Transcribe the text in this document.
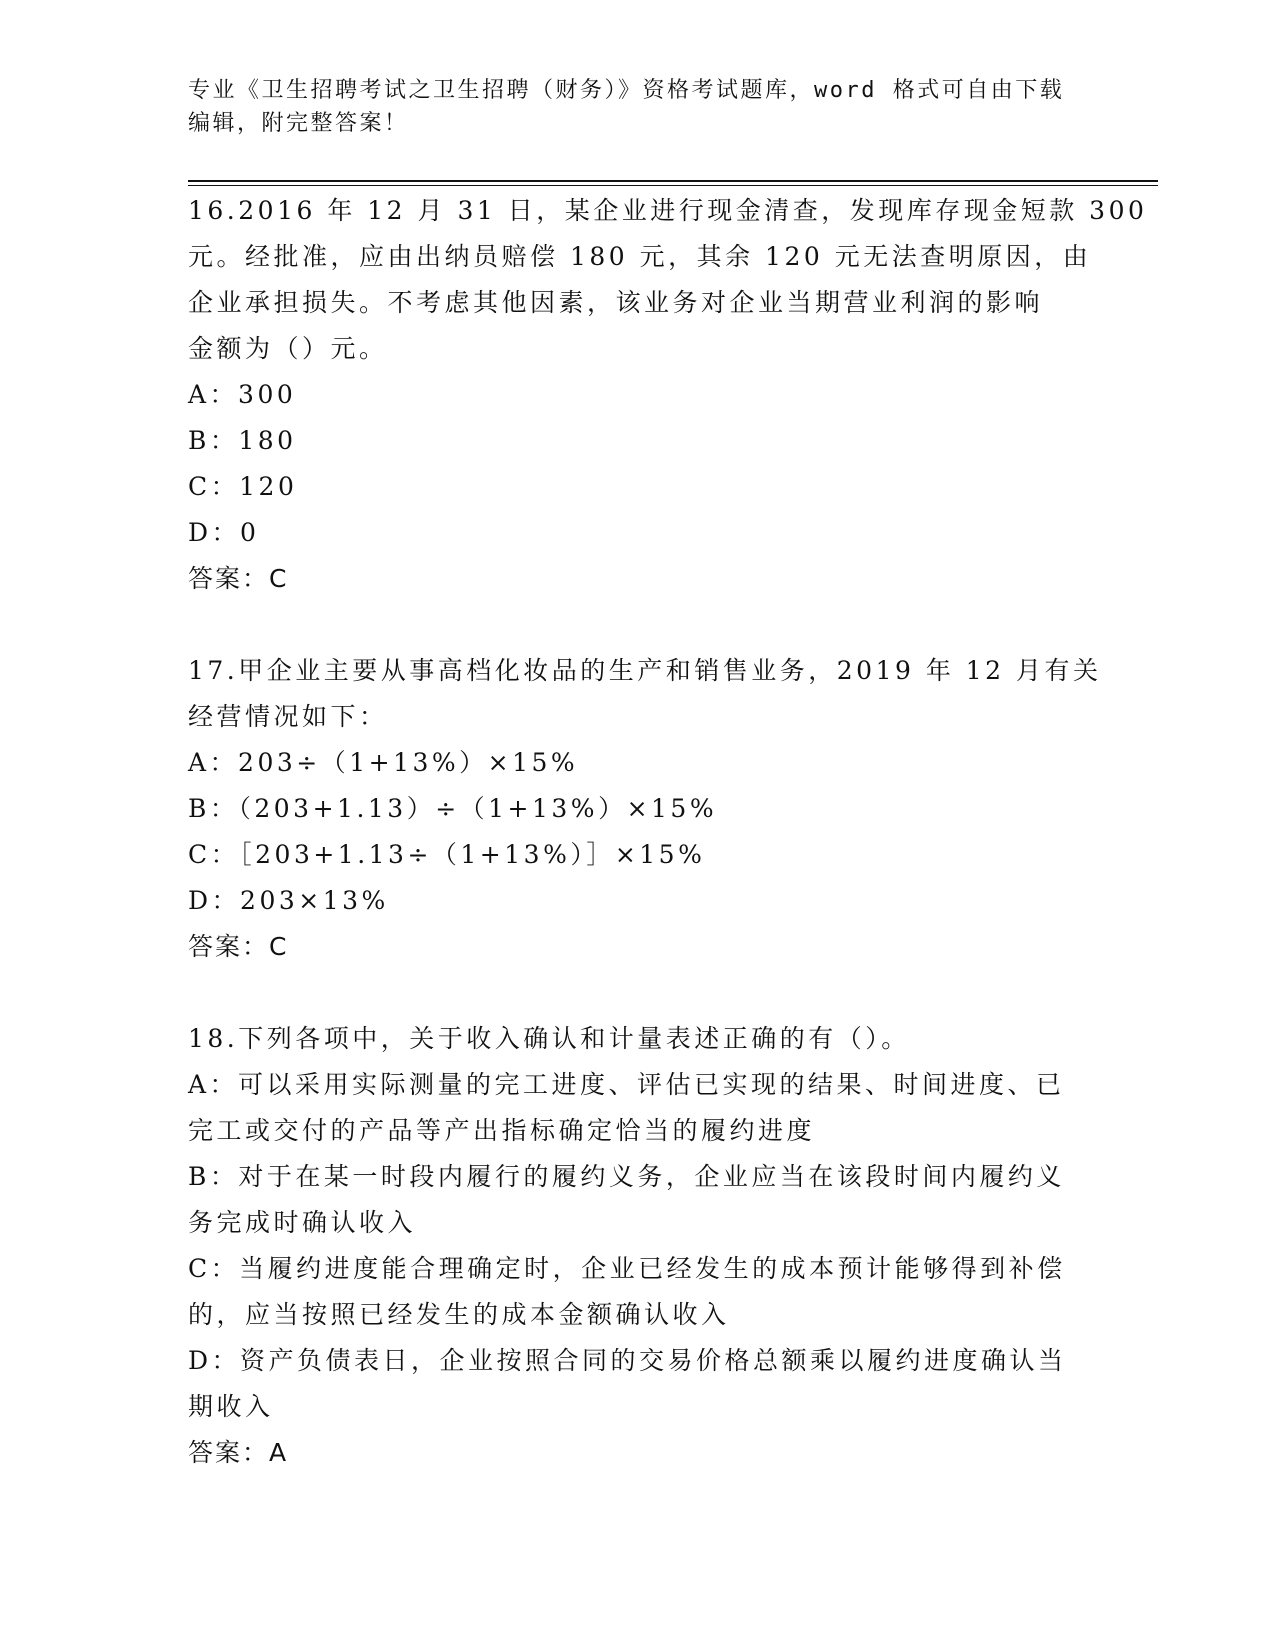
专业《卫生招聘考试之卫生招聘（财务）》资格考试题库，word 格式可自由下载
编辑，附完整答案！
16.2016 年 12 月 31 日，某企业进行现金清查，发现库存现金短款 300
元。经批准，应由出纳员赔偿 180 元，其余 120 元无法查明原因，由
企业承担损失。不考虑其他因素，该业务对企业当期营业利润的影响
金额为（）元。
A：300
B：180
C：120
D：0
答案：C
17.甲企业主要从事高档化妆品的生产和销售业务，2019 年 12 月有关
经营情况如下：
A：203÷（1+13%）×15%
B：（203+1.13）÷（1+13%）×15%
C：［203+1.13÷（1+13%）］×15%
D：203×13%
答案：C
18.下列各项中，关于收入确认和计量表述正确的有（）。
A：可以采用实际测量的完工进度、评估已实现的结果、时间进度、已
完工或交付的产品等产出指标确定恰当的履约进度
B：对于在某一时段内履行的履约义务，企业应当在该段时间内履约义
务完成时确认收入
C：当履约进度能合理确定时，企业已经发生的成本预计能够得到补偿
的，应当按照已经发生的成本金额确认收入
D：资产负债表日，企业按照合同的交易价格总额乘以履约进度确认当
期收入
答案：A
